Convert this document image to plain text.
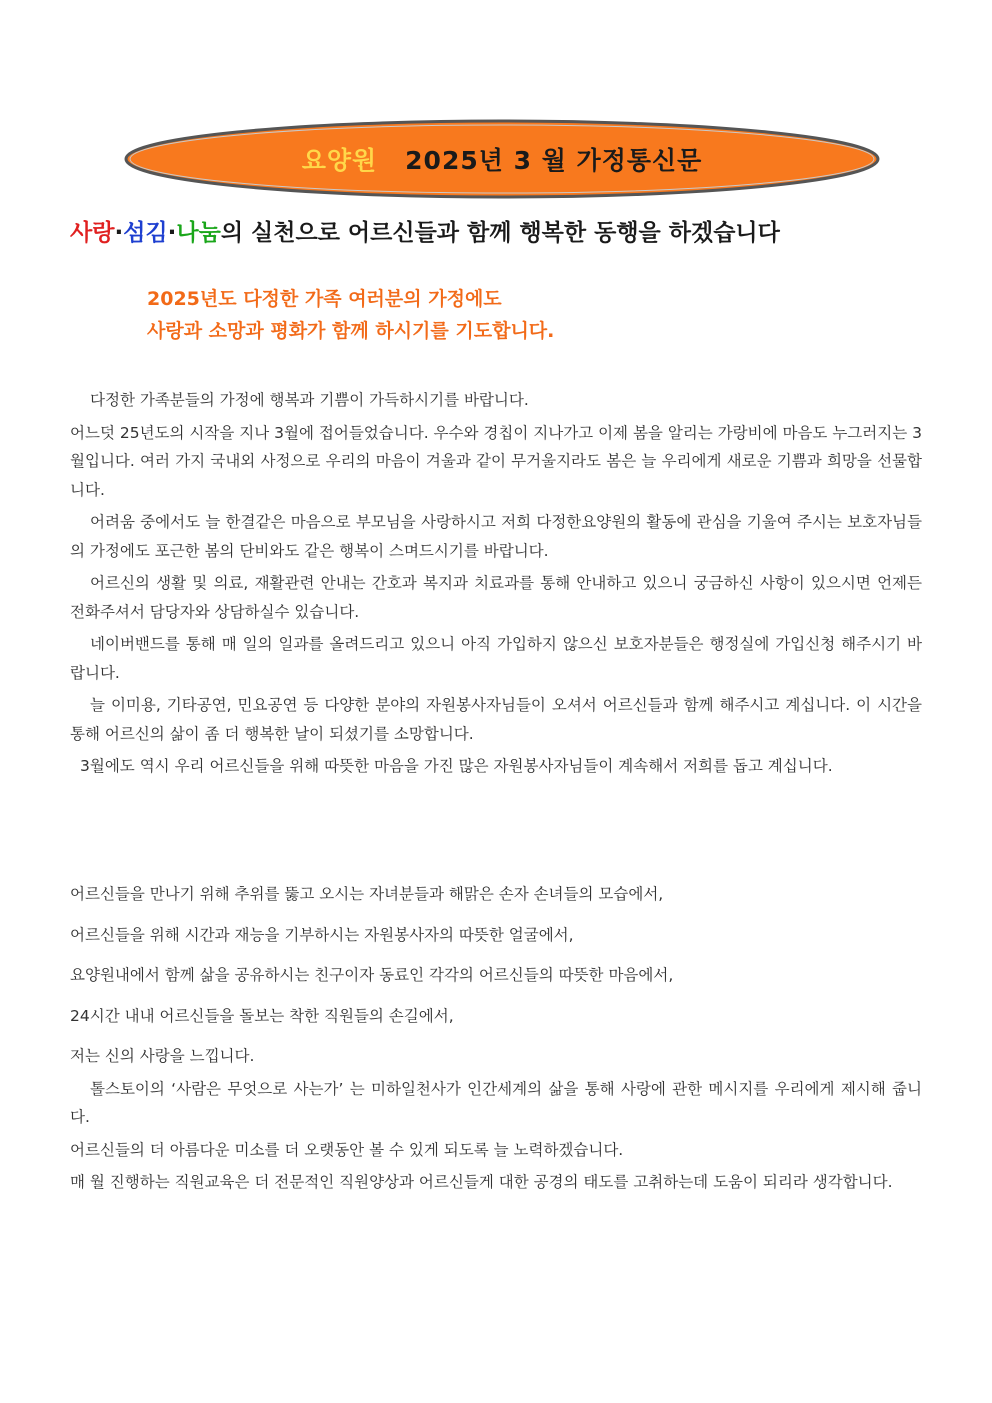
요양원 2025년 3 월 가정통신문
사랑·섬김·나눔의 실천으로 어르신들과 함께 행복한 동행을 하겠습니다
2025년도 다정한 가족 여러분의 가정에도
사랑과 소망과 평화가 함께 하시기를 기도합니다.

다정한 가족분들의 가정에 행복과 기쁨이 가득하시기를 바랍니다.

어느덧 25년도의 시작을 지나 3월에 접어들었습니다. 우수와 경칩이 지나가고 이제 봄을 알리는 가랑비에 마음도 누그러지는 3월입니다. 여러 가지 국내외 사정으로 우리의 마음이 겨울과 같이 무거울지라도 봄은 늘 우리에게 새로운 기쁨과 희망을 선물합니다.

어려움 중에서도 늘 한결같은 마음으로 부모님을 사랑하시고 저희 다정한요양원의 활동에 관심을 기울여 주시는 보호자님들의 가정에도 포근한 봄의 단비와도 같은 행복이 스며드시기를 바랍니다.

어르신의 생활 및 의료, 재활관련 안내는 간호과 복지과 치료과를 통해 안내하고 있으니 궁금하신 사항이 있으시면 언제든 전화주셔서 담당자와 상담하실수 있습니다.

네이버밴드를 통해 매 일의 일과를 올려드리고 있으니 아직 가입하지 않으신 보호자분들은 행정실에 가입신청 해주시기 바랍니다.

늘 이미용, 기타공연, 민요공연 등 다양한 분야의 자원봉사자님들이 오셔서 어르신들과 함께 해주시고 계십니다. 이 시간을 통해 어르신의 삶이 좀 더 행복한 날이 되셨기를 소망합니다.

3월에도 역시 우리 어르신들을 위해 따뜻한 마음을 가진 많은 자원봉사자님들이 계속해서 저희를 돕고 계십니다.

어르신들을 만나기 위해 추위를 뚫고 오시는 자녀분들과 해맑은 손자 손녀들의 모습에서,

어르신들을 위해 시간과 재능을 기부하시는 자원봉사자의 따뜻한 얼굴에서,

요양원내에서 함께 삶을 공유하시는 친구이자 동료인 각각의 어르신들의 따뜻한 마음에서,

24시간 내내 어르신들을 돌보는 착한 직원들의 손길에서,

저는 신의 사랑을 느낍니다.

톨스토이의 ‘사람은 무엇으로 사는가’ 는 미하일천사가 인간세계의 삶을 통해 사랑에 관한 메시지를 우리에게 제시해 줍니다.

어르신들의 더 아름다운 미소를 더 오랫동안 볼 수 있게 되도록 늘 노력하겠습니다.

매 월 진행하는 직원교육은 더 전문적인 직원양상과 어르신들게 대한 공경의 태도를 고취하는데 도움이 되리라 생각합니다.
